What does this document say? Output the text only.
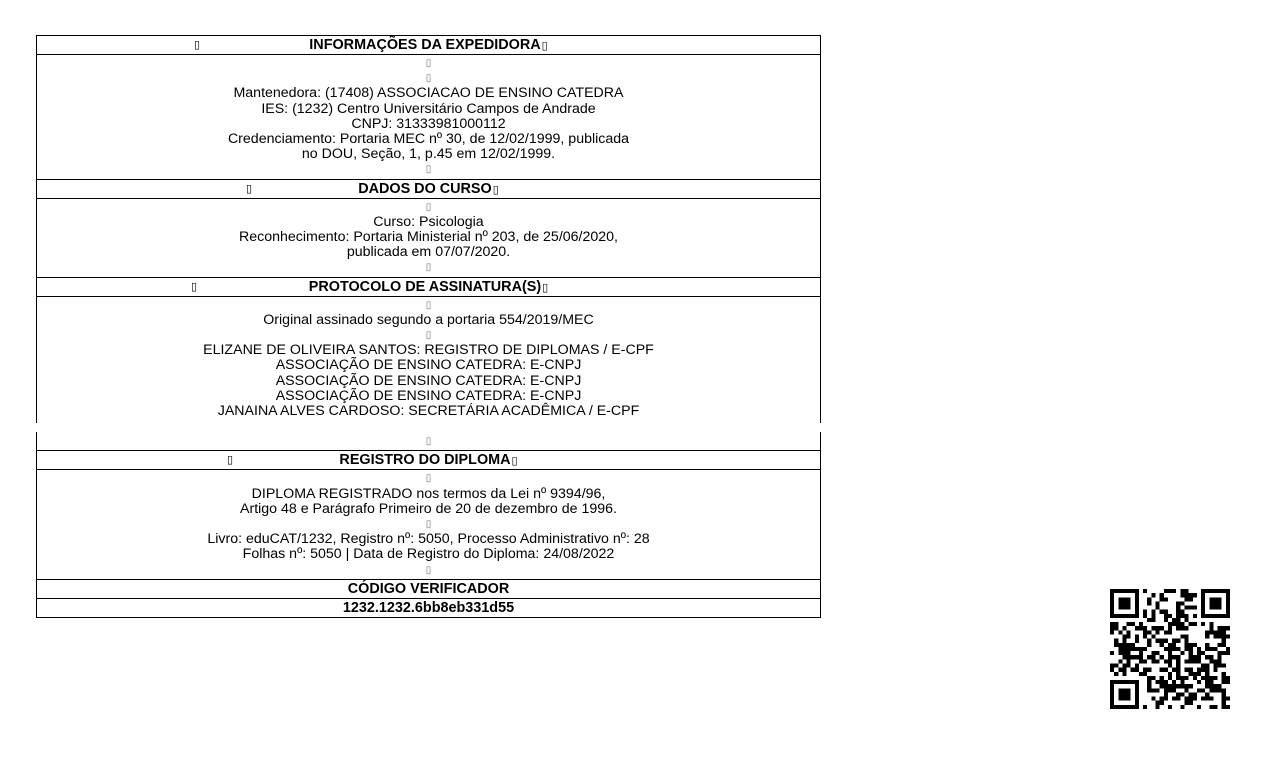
▯	INFORMAÇÕES DA EXPEDIDORA▯
▯
▯
Mantenedora: (17408) ASSOCIACAO DE ENSINO CATEDRA
IES: (1232) Centro Universitário Campos de Andrade
CNPJ: 31333981000112
Credenciamento: Portaria MEC nº 30, de 12/02/1999, publicada
no DOU, Seção, 1, p.45 em 12/02/1999.
▯
▯	DADOS DO CURSO▯
▯
Curso: Psicologia
Reconhecimento: Portaria Ministerial nº 203, de 25/06/2020,
publicada em 07/07/2020.
▯
▯	PROTOCOLO DE ASSINATURA(S)▯
▯
Original assinado segundo a portaria 554/2019/MEC
▯
ELIZANE DE OLIVEIRA SANTOS: REGISTRO DE DIPLOMAS / E-CPF
ASSOCIAÇÃO DE ENSINO CATEDRA: E-CNPJ
ASSOCIAÇÃO DE ENSINO CATEDRA: E-CNPJ
ASSOCIAÇÃO DE ENSINO CATEDRA: E-CNPJ
JANAINA ALVES CARDOSO: SECRETÁRIA ACADÊMICA / E-CPF
▯
▯	REGISTRO DO DIPLOMA▯
▯
DIPLOMA REGISTRADO nos termos da Lei nº 9394/96,
Artigo 48 e Parágrafo Primeiro de 20 de dezembro de 1996.
▯
Livro: eduCAT/1232, Registro nº: 5050, Processo Administrativo nº: 28
Folhas nº: 5050 | Data de Registro do Diploma: 24/08/2022
▯
CÓDIGO VERIFICADOR
1232.1232.6bb8eb331d55
